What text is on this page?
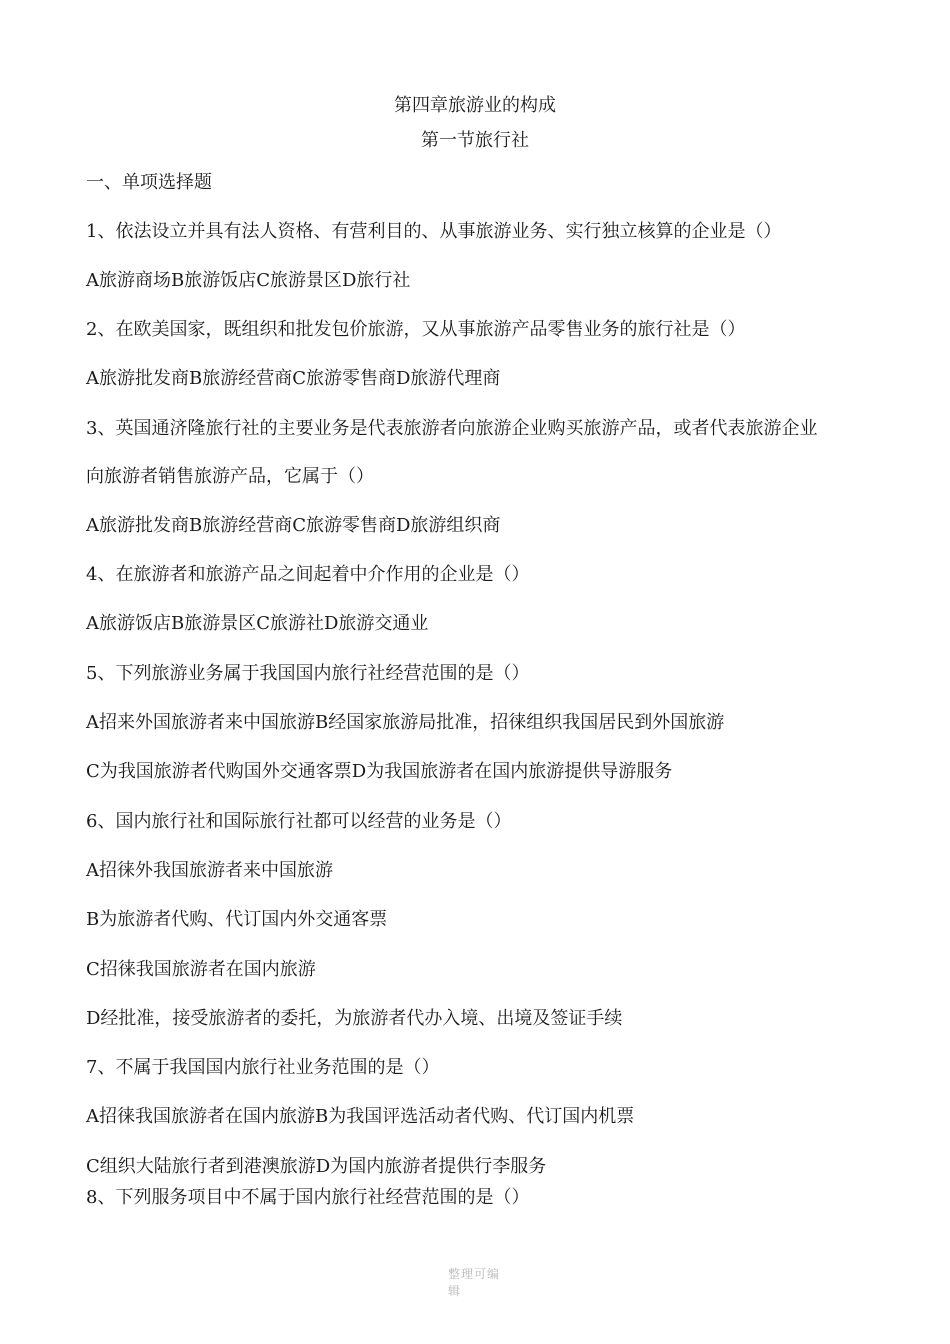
第四章旅游业的构成
第一节旅行社
一、单项选择题
1、依法设立并具有法人资格、有营利目的、从事旅游业务、实行独立核算的企业是（）
A旅游商场B旅游饭店C旅游景区D旅行社
2、在欧美国家，既组织和批发包价旅游，又从事旅游产品零售业务的旅行社是（）
A旅游批发商B旅游经营商C旅游零售商D旅游代理商
3、英国通济隆旅行社的主要业务是代表旅游者向旅游企业购买旅游产品，或者代表旅游企业
向旅游者销售旅游产品，它属于（）
A旅游批发商B旅游经营商C旅游零售商D旅游组织商
4、在旅游者和旅游产品之间起着中介作用的企业是（）
A旅游饭店B旅游景区C旅游社D旅游交通业
5、下列旅游业务属于我国国内旅行社经营范围的是（）
A招来外国旅游者来中国旅游B经国家旅游局批准，招徕组织我国居民到外国旅游
C为我国旅游者代购国外交通客票D为我国旅游者在国内旅游提供导游服务
6、国内旅行社和国际旅行社都可以经营的业务是（）
A招徕外我国旅游者来中国旅游
B为旅游者代购、代订国内外交通客票
C招徕我国旅游者在国内旅游
D经批准，接受旅游者的委托，为旅游者代办入境、出境及签证手续
7、不属于我国国内旅行社业务范围的是（）
A招徕我国旅游者在国内旅游B为我国评选活动者代购、代订国内机票
C组织大陆旅行者到港澳旅游D为国内旅游者提供行李服务
8、下列服务项目中不属于国内旅行社经营范围的是（）
整理可编辑
